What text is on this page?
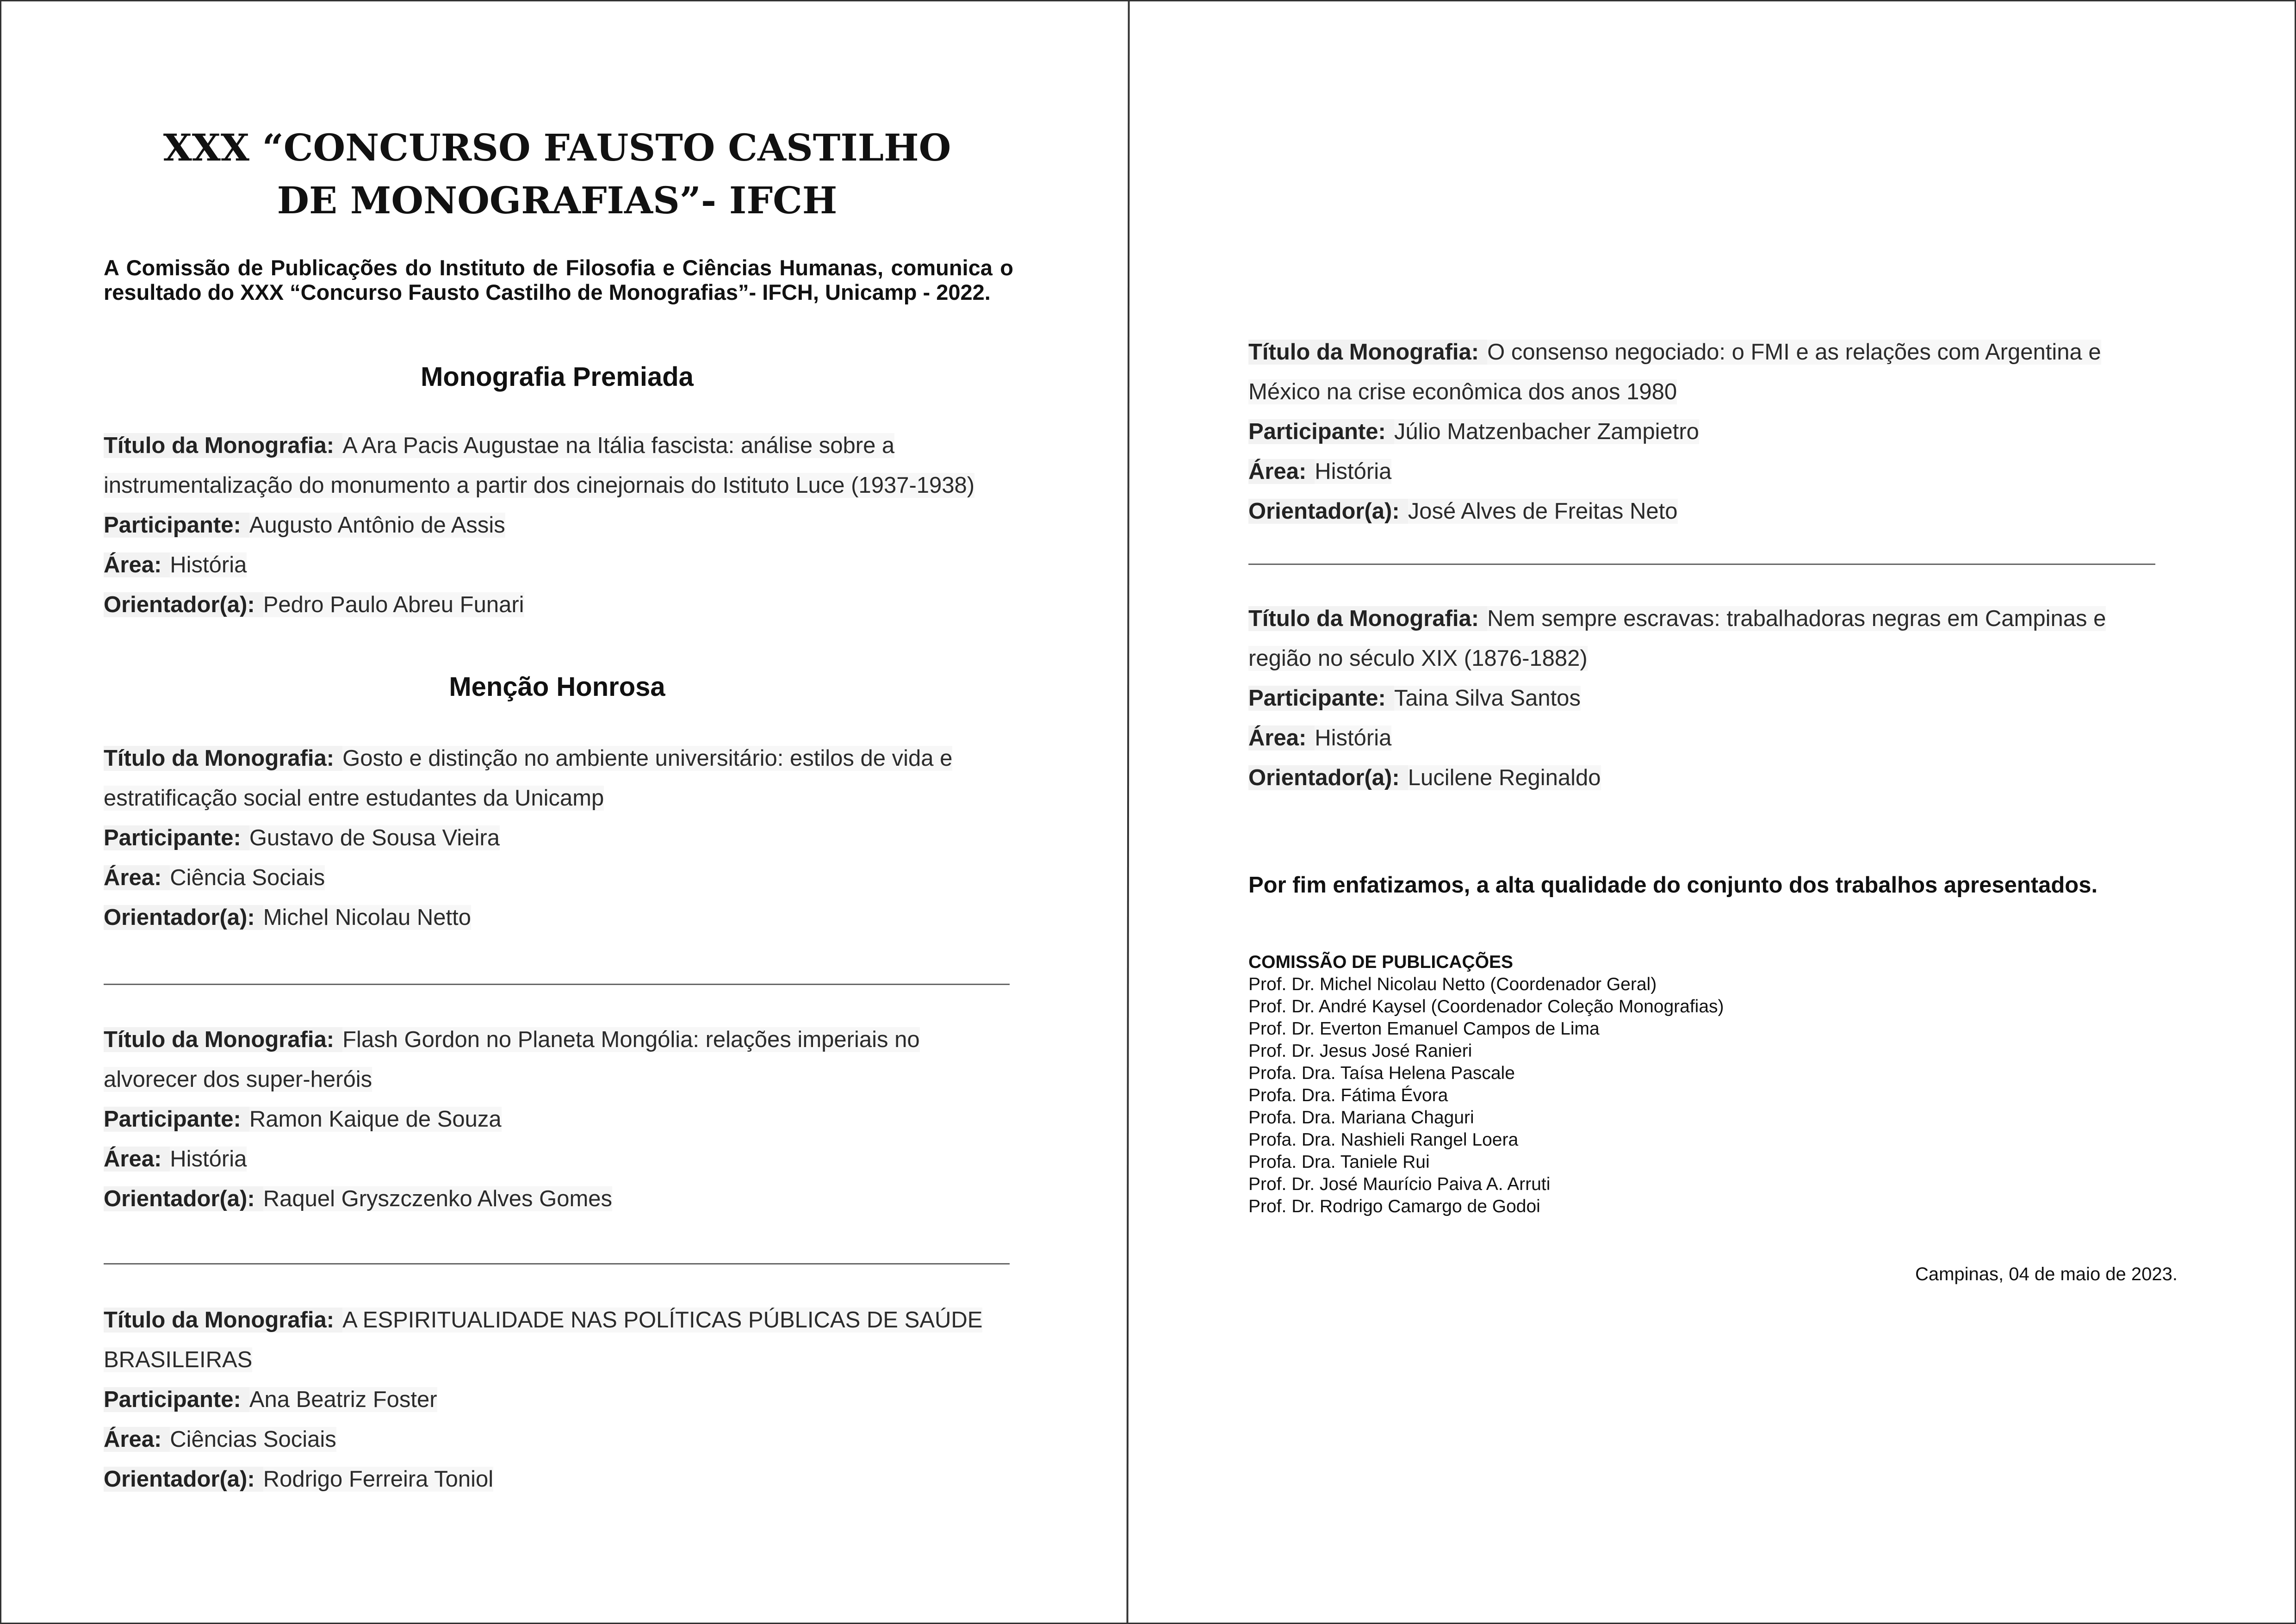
XXX “CONCURSO FAUSTO CASTILHO
DE MONOGRAFIAS”- IFCH
A Comissão de Publicações do Instituto de Filosofia e Ciências Humanas, comunica o resultado do XXX “Concurso Fausto Castilho de Monografias”- IFCH, Unicamp - 2022.
Monografia Premiada
Título da Monografia: A Ara Pacis Augustae na Itália fascista: análise sobre a instrumentalização do monumento a partir dos cinejornais do Istituto Luce (1937-1938)
Participante: Augusto Antônio de Assis
Área: História
Orientador(a): Pedro Paulo Abreu Funari
Menção Honrosa
Título da Monografia: Gosto e distinção no ambiente universitário: estilos de vida e estratificação social entre estudantes da Unicamp
Participante: Gustavo de Sousa Vieira
Área: Ciência Sociais
Orientador(a): Michel Nicolau Netto
Título da Monografia: Flash Gordon no Planeta Mongólia: relações imperiais no alvorecer dos super-heróis
Participante: Ramon Kaique de Souza
Área: História
Orientador(a): Raquel Gryszczenko Alves Gomes
Título da Monografia: A ESPIRITUALIDADE NAS POLÍTICAS PÚBLICAS DE SAÚDE BRASILEIRAS
Participante: Ana Beatriz Foster
Área: Ciências Sociais
Orientador(a): Rodrigo Ferreira Toniol
Título da Monografia: O consenso negociado: o FMI e as relações com Argentina e México na crise econômica dos anos 1980
Participante: Júlio Matzenbacher Zampietro
Área: História
Orientador(a): José Alves de Freitas Neto
Título da Monografia: Nem sempre escravas: trabalhadoras negras em Campinas e região no século XIX (1876-1882)
Participante: Taina Silva Santos
Área: História
Orientador(a): Lucilene Reginaldo
Por fim enfatizamos, a alta qualidade do conjunto dos trabalhos apresentados.
COMISSÃO DE PUBLICAÇÕES
Prof. Dr. Michel Nicolau Netto (Coordenador Geral)
Prof. Dr. André Kaysel (Coordenador Coleção Monografias)
Prof. Dr. Everton Emanuel Campos de Lima
Prof. Dr. Jesus José Ranieri
Profa. Dra. Taísa Helena Pascale
Profa. Dra. Fátima Évora
Profa. Dra. Mariana Chaguri
Profa. Dra. Nashieli Rangel Loera
Profa. Dra. Taniele Rui
Prof. Dr. José Maurício Paiva A. Arruti
Prof. Dr. Rodrigo Camargo de Godoi
Campinas, 04 de maio de 2023.
